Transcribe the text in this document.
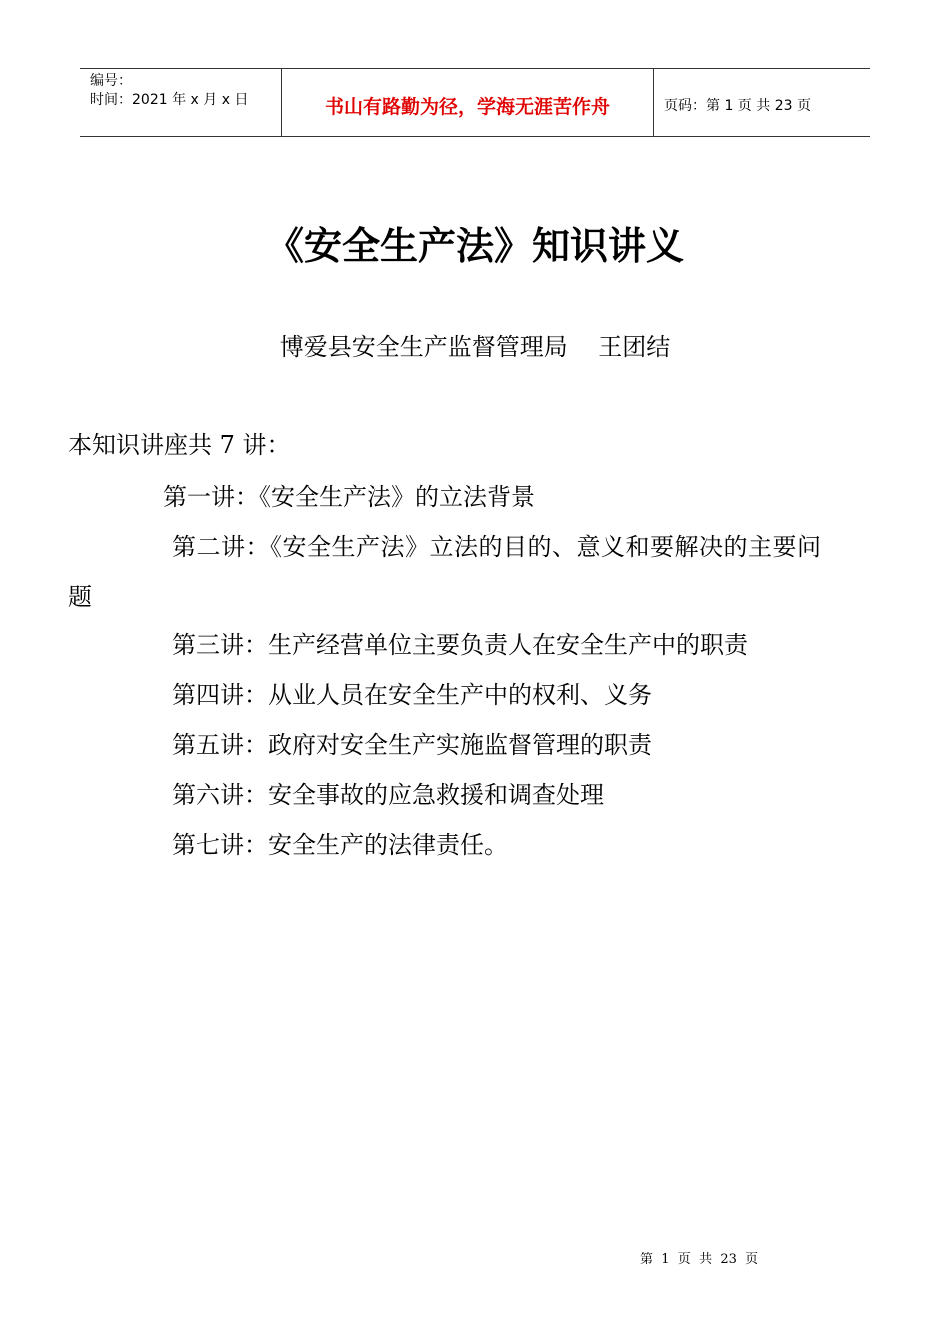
编号：
时间：2021 年 x 月 x 日	书山有路勤为径，学海无涯苦作舟	页码：第 1 页 共 23 页
《安全生产法》知识讲义
博爱县安全生产监督管理局    王团结
本知识讲座共 7 讲：
第一讲：《安全生产法》的立法背景
第二讲：《安全生产法》立法的目的、意义和要解决的主要问
题
第三讲：生产经营单位主要负责人在安全生产中的职责
第四讲：从业人员在安全生产中的权利、义务
第五讲：政府对安全生产实施监督管理的职责
第六讲：安全事故的应急救援和调查处理
第七讲：安全生产的法律责任。
第  1  页  共  23  页
